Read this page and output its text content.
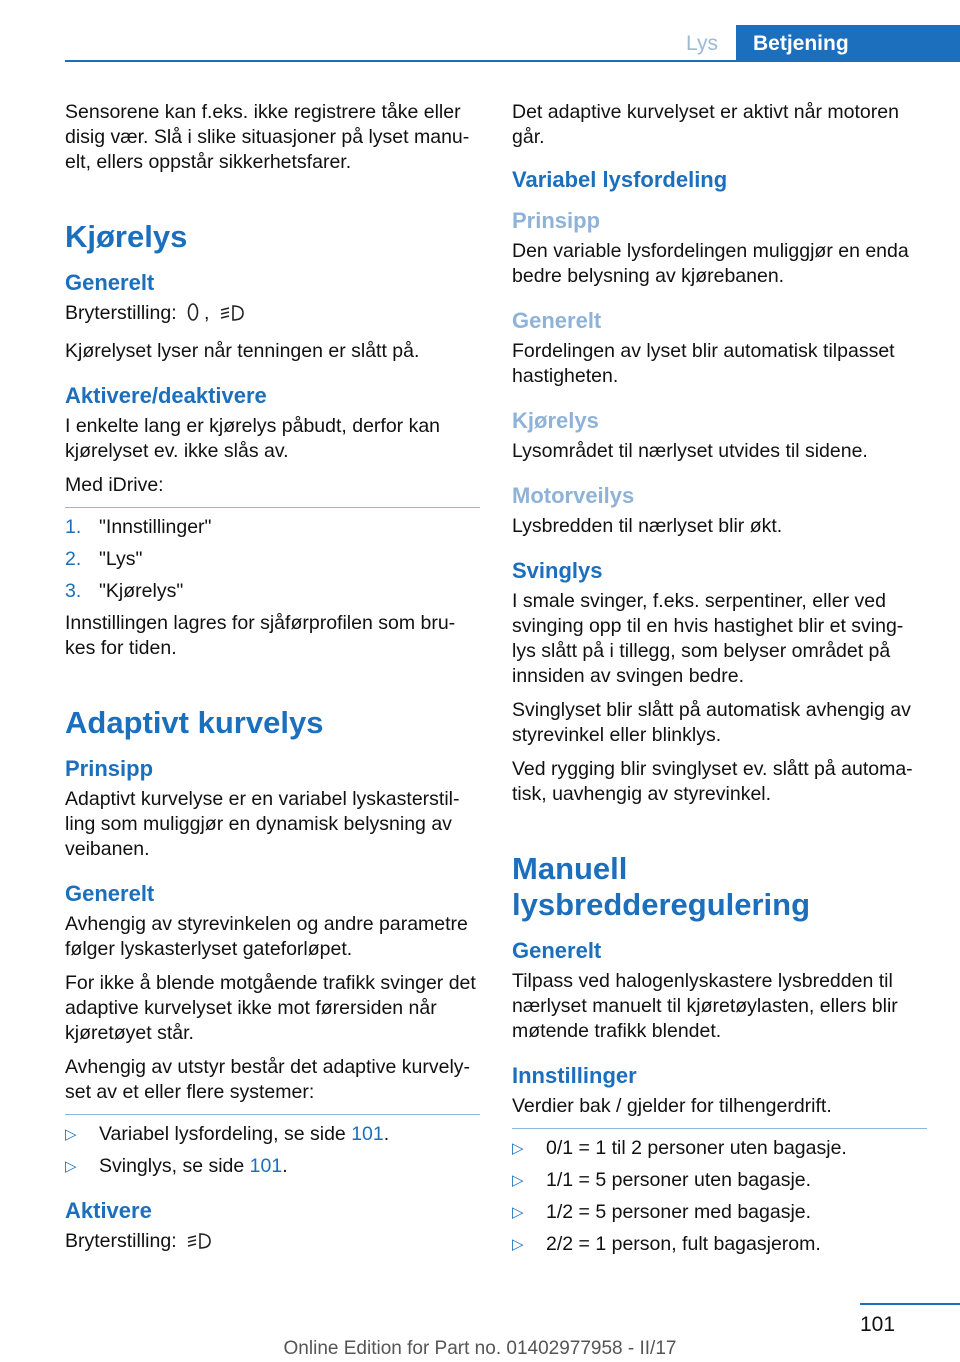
Lys	Betjening

Sensorene kan f.eks. ikke registrere tåke eller disig vær. Slå i slike situasjoner på lyset manu-elt, ellers oppstår sikkerhetsfarer.

Kjørelys
Generelt

Bryterstilling: ,

Kjørelyset lyser når tenningen er slått på.

Aktivere/deaktivere

I enkelte lang er kjørelys påbudt, derfor kan kjørelyset ev. ikke slås av.

Med iDrive:

1. "Innstillinger"
2. "Lys"
3. "Kjørelys"

Innstillingen lagres for sjåførprofilen som bru-kes for tiden.

Adaptivt kurvelys
Prinsipp

Adaptivt kurvelyse er en variabel lyskasterstil-ling som muliggjør en dynamisk belysning av veibanen.

Generelt

Avhengig av styrevinkelen og andre parametre følger lyskasterlyset gateforløpet.

For ikke å blende motgående trafikk svinger det adaptive kurvelyset ikke mot førersiden når kjøretøyet står.

Avhengig av utstyr består det adaptive kurvely-set av et eller flere systemer:

▷	Variabel lysfordeling, se side 101.
▷	Svinglys, se side 101.
Aktivere

Bryterstilling:

Det adaptive kurvelyset er aktivt når motoren går.

Variabel lysfordeling
Prinsipp

Den variable lysfordelingen muliggjør en enda bedre belysning av kjørebanen.

Generelt

Fordelingen av lyset blir automatisk tilpasset hastigheten.

Kjørelys

Lysområdet til nærlyset utvides til sidene.

Motorveilys

Lysbredden til nærlyset blir økt.

Svinglys

I smale svinger, f.eks. serpentiner, eller ved svinging opp til en hvis hastighet blir et sving-lys slått på i tillegg, som belyser området på innsiden av svingen bedre.

Svinglyset blir slått på automatisk avhengig av styrevinkel eller blinklys.

Ved rygging blir svinglyset ev. slått på automa-tisk, uavhengig av styrevinkel.

Manuell lysbredderegulering
Generelt

Tilpass ved halogenlyskastere lysbredden til nærlyset manuelt til kjøretøylasten, ellers blir møtende trafikk blendet.

Innstillinger

Verdier bak / gjelder for tilhengerdrift.

▷	0/1 = 1 til 2 personer uten bagasje.
▷	1/1 = 5 personer uten bagasje.
▷	1/2 = 5 personer med bagasje.
▷	2/2 = 1 person, fult bagasjerom.
101
Online Edition for Part no. 01402977958 - II/17
